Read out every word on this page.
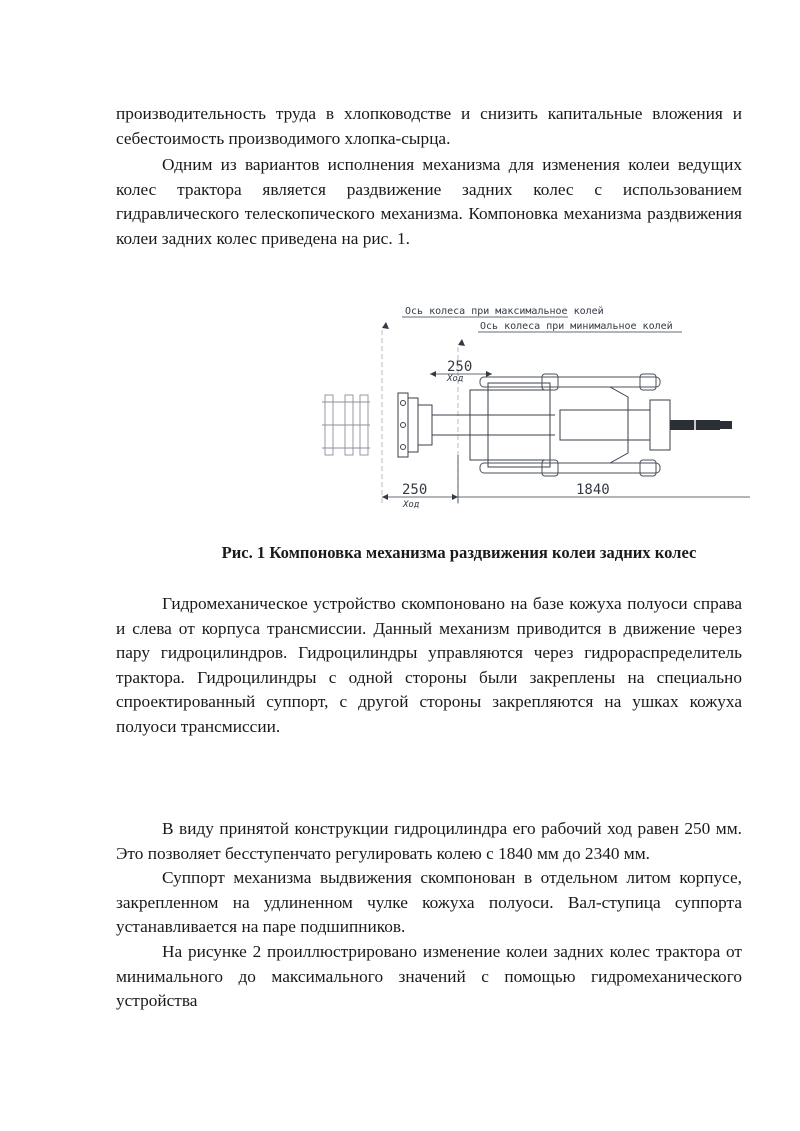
производительность труда в хлопководстве и снизить капитальные вложения и себестоимость производимого хлопка-сырца.

Одним из вариантов исполнения механизма для изменения колеи ведущих колес трактора является раздвижение задних колес с использованием гидравлического телескопического механизма. Компоновка механизма раздвижения колеи задних колес приведена на рис. 1.

Ось колеса при максимальное колей
Ось колеса при минимальное колей
250
Ход
250
Ход
1840

Рис. 1 Компоновка механизма раздвижения колеи задних колес

Гидромеханическое устройство скомпоновано на базе кожуха полуоси справа и слева от корпуса трансмиссии. Данный механизм приводится в движение через пару гидроцилиндров. Гидроцилиндры управляются через гидрораспределитель трактора. Гидроцилиндры с одной стороны были закреплены на специально спроектированный суппорт, с другой стороны закрепляются на ушках кожуха полуоси трансмиссии.

В виду принятой конструкции гидроцилиндра его рабочий ход равен 250 мм. Это позволяет бесступенчато регулировать колею с 1840 мм до 2340 мм.

Суппорт механизма выдвижения скомпонован в отдельном литом корпусе, закрепленном на удлиненном чулке кожуха полуоси. Вал-ступица суппорта устанавливается на паре подшипников.

На рисунке 2 проиллюстрировано изменение колеи задних колес трактора от минимального до максимального значений с помощью гидромеханического устройства
